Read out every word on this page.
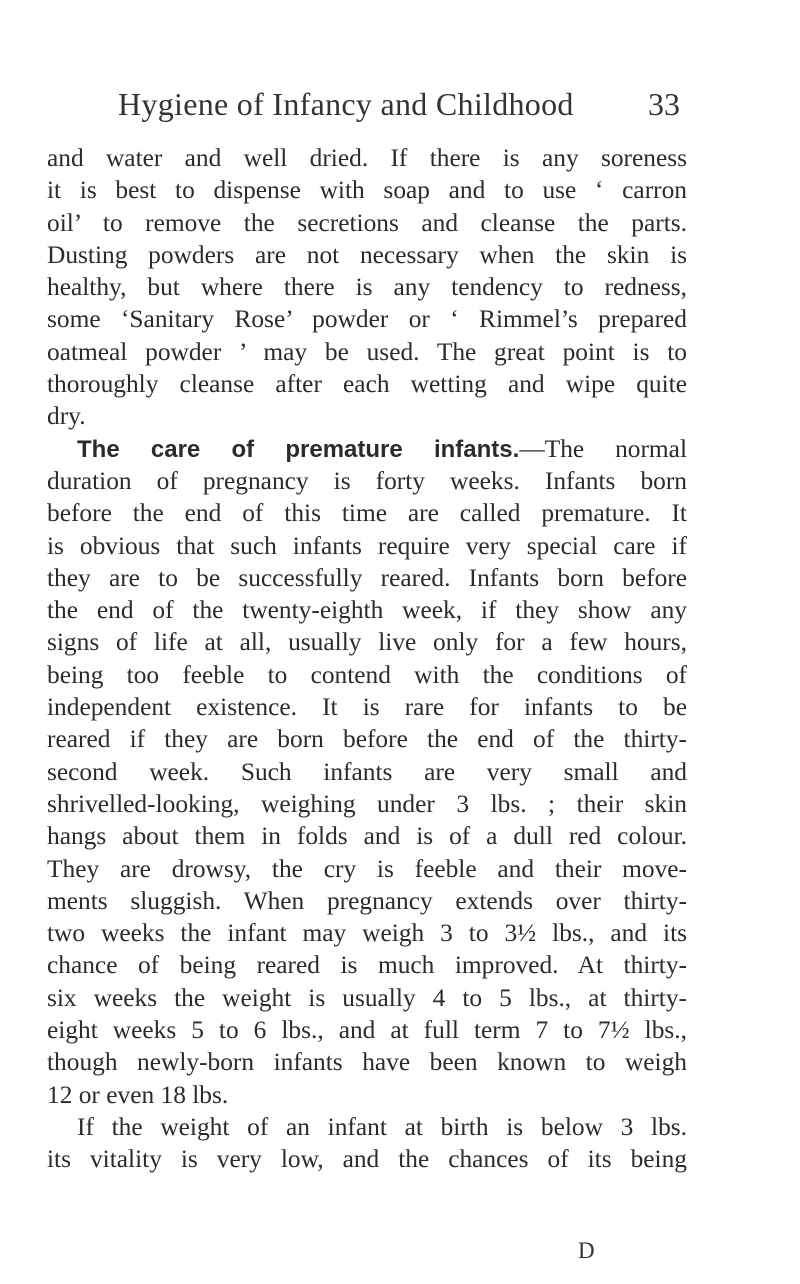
Hygiene of Infancy and Childhood 33
and water and well dried. If there is any soreness
it is best to dispense with soap and to use ‘ carron
oil’ to remove the secretions and cleanse the parts.
Dusting powders are not necessary when the skin is
healthy, but where there is any tendency to redness,
some ‘Sanitary Rose’ powder or ‘ Rimmel’s prepared
oatmeal powder ’ may be used. The great point is to
thoroughly cleanse after each wetting and wipe quite
dry.
The care of premature infants.—The normal
duration of pregnancy is forty weeks. Infants born
before the end of this time are called premature. It
is obvious that such infants require very special care if
they are to be successfully reared. Infants born before
the end of the twenty-eighth week, if they show any
signs of life at all, usually live only for a few hours,
being too feeble to contend with the conditions of
independent existence. It is rare for infants to be
reared if they are born before the end of the thirty-
second week. Such infants are very small and
shrivelled-looking, weighing under 3 lbs. ; their skin
hangs about them in folds and is of a dull red colour.
They are drowsy, the cry is feeble and their move-
ments sluggish. When pregnancy extends over thirty-
two weeks the infant may weigh 3 to 3½ lbs., and its
chance of being reared is much improved. At thirty-
six weeks the weight is usually 4 to 5 lbs., at thirty-
eight weeks 5 to 6 lbs., and at full term 7 to 7½ lbs.,
though newly-born infants have been known to weigh
12 or even 18 lbs.
If the weight of an infant at birth is below 3 lbs.
its vitality is very low, and the chances of its being
D
